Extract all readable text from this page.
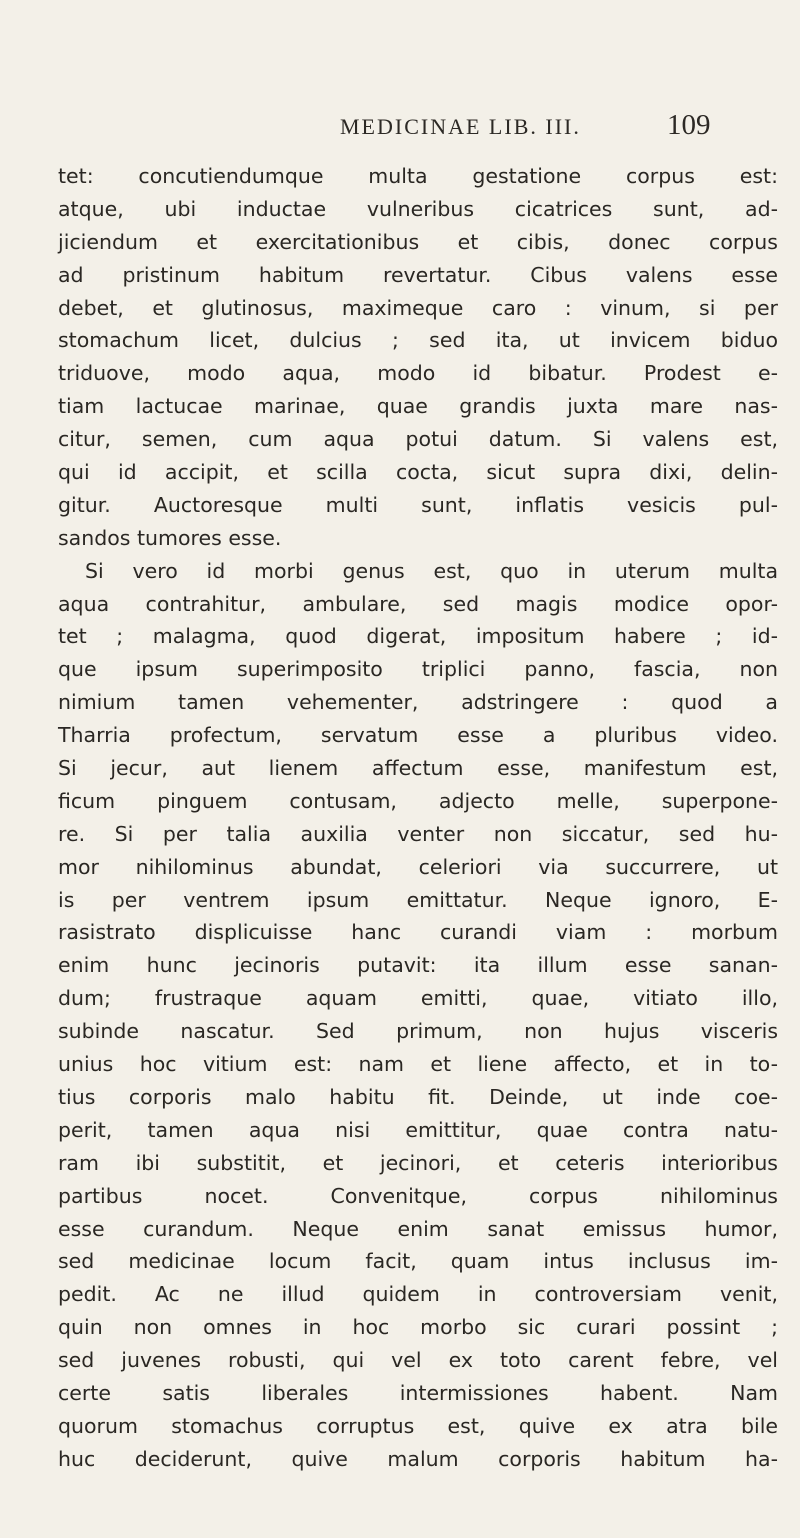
MEDICINAE LIB. III.	109
tet: concutiendumque multa gestatione corpus est:
atque, ubi inductae vulneribus cicatrices sunt, ad-
jiciendum et exercitationibus et cibis, donec corpus
ad pristinum habitum revertatur. Cibus valens esse
debet, et glutinosus, maximeque caro : vinum, si per
stomachum licet, dulcius ; sed ita, ut invicem biduo
triduove, modo aqua, modo id bibatur. Prodest e-
tiam lactucae marinae, quae grandis juxta mare nas-
citur, semen, cum aqua potui datum. Si valens est,
qui id accipit, et scilla cocta, sicut supra dixi, delin-
gitur. Auctoresque multi sunt, inflatis vesicis pul-
sandos tumores esse.
Si vero id morbi genus est, quo in uterum multa
aqua contrahitur, ambulare, sed magis modice opor-
tet ; malagma, quod digerat, impositum habere ; id-
que ipsum superimposito triplici panno, fascia, non
nimium tamen vehementer, adstringere : quod a
Tharria profectum, servatum esse a pluribus video.
Si jecur, aut lienem affectum esse, manifestum est,
ficum pinguem contusam, adjecto melle, superpone-
re. Si per talia auxilia venter non siccatur, sed hu-
mor nihilominus abundat, celeriori via succurrere, ut
is per ventrem ipsum emittatur. Neque ignoro, E-
rasistrato displicuisse hanc curandi viam : morbum
enim hunc jecinoris putavit: ita illum esse sanan-
dum; frustraque aquam emitti, quae, vitiato illo,
subinde nascatur. Sed primum, non hujus visceris
unius hoc vitium est: nam et liene affecto, et in to-
tius corporis malo habitu fit. Deinde, ut inde coe-
perit, tamen aqua nisi emittitur, quae contra natu-
ram ibi substitit, et jecinori, et ceteris interioribus
partibus nocet. Convenitque, corpus nihilominus
esse curandum. Neque enim sanat emissus humor,
sed medicinae locum facit, quam intus inclusus im-
pedit. Ac ne illud quidem in controversiam venit,
quin non omnes in hoc morbo sic curari possint ;
sed juvenes robusti, qui vel ex toto carent febre, vel
certe satis liberales intermissiones habent. Nam
quorum stomachus corruptus est, quive ex atra bile
huc deciderunt, quive malum corporis habitum ha-
